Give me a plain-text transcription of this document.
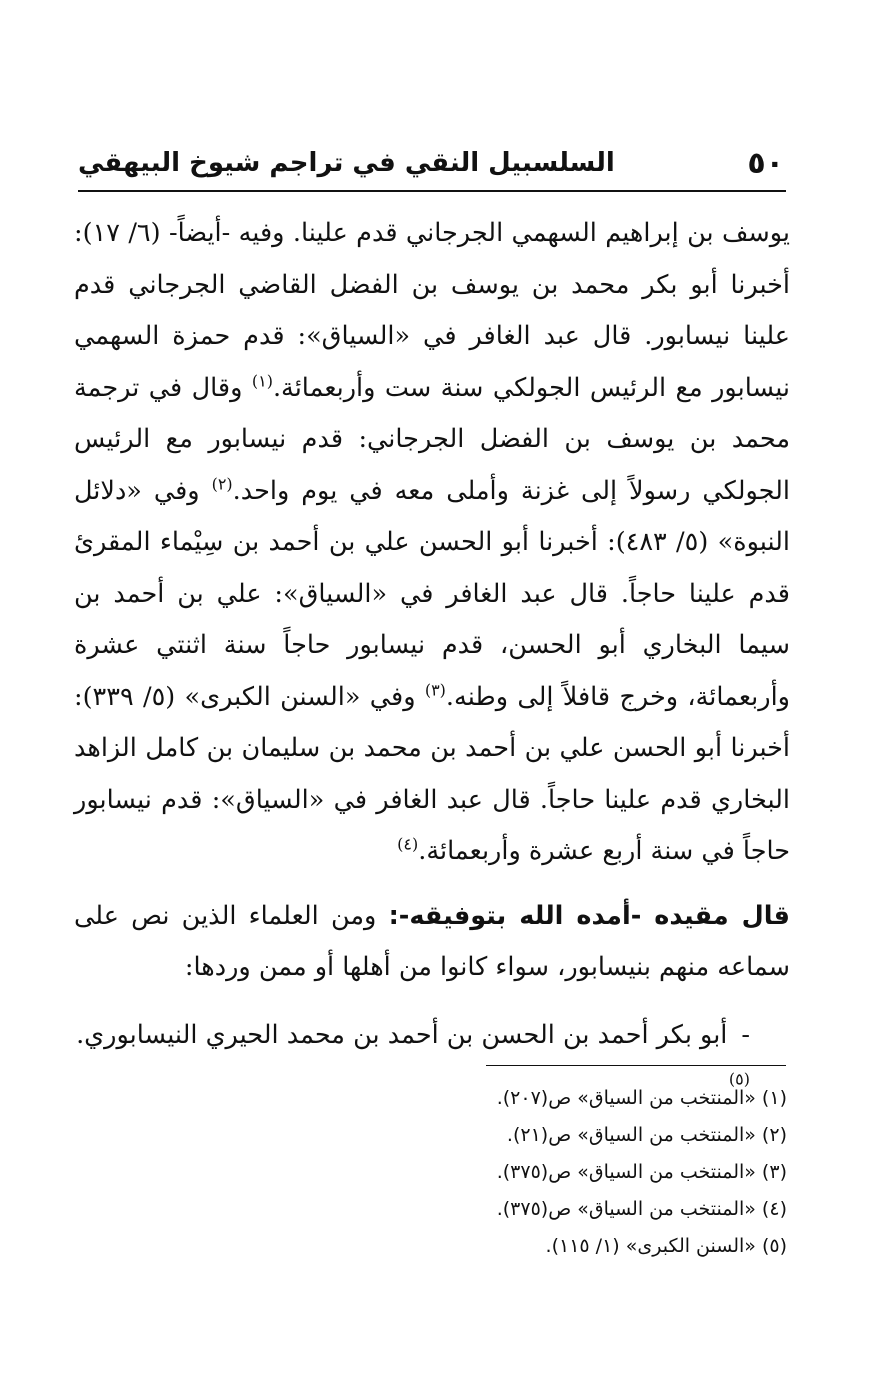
٥٠
السلسبيل النقي في تراجم شيوخ البيهقي

يوسف بن إبراهيم السهمي الجرجاني قدم علينا. وفيه -أيضاً- (٦/ ١٧): أخبرنا أبو بكر محمد بن يوسف بن الفضل القاضي الجرجاني قدم علينا نيسابور. قال عبد الغافر في «السياق»: قدم حمزة السهمي نيسابور مع الرئيس الجولكي سنة ست وأربعمائة.$^{(١)}$ وقال في ترجمة محمد بن يوسف بن الفضل الجرجاني: قدم نيسابور مع الرئيس الجولكي رسولاً إلى غزنة وأملى معه في يوم واحد.$^{(٢)}$ وفي «دلائل النبوة» (٥/ ٤٨٣): أخبرنا أبو الحسن علي بن أحمد بن سِيْماء المقرئ قدم علينا حاجاً. قال عبد الغافر في «السياق»: علي بن أحمد بن سيما البخاري أبو الحسن، قدم نيسابور حاجاً سنة اثنتي عشرة وأربعمائة، وخرج قافلاً إلى وطنه.$^{(٣)}$ وفي «السنن الكبرى» (٥/ ٣٣٩): أخبرنا أبو الحسن علي بن أحمد بن محمد بن سليمان بن كامل الزاهد البخاري قدم علينا حاجاً. قال عبد الغافر في «السياق»: قدم نيسابور حاجاً في سنة أربع عشرة وأربعمائة.$^{(٤)}$

قال مقيده -أمده الله بتوفيقه-: ومن العلماء الذين نص على سماعه منهم بنيسابور، سواء كانوا من أهلها أو ممن وردها:

-أبو بكر أحمد بن الحسن بن أحمد بن محمد الحيري النيسابوري.$^{(٥)}$

(١) «المنتخب من السياق» ص(٢٠٧).
(٢) «المنتخب من السياق» ص(٢١).
(٣) «المنتخب من السياق» ص(٣٧٥).
(٤) «المنتخب من السياق» ص(٣٧٥).
(٥) «السنن الكبرى» (١/ ١١٥).
